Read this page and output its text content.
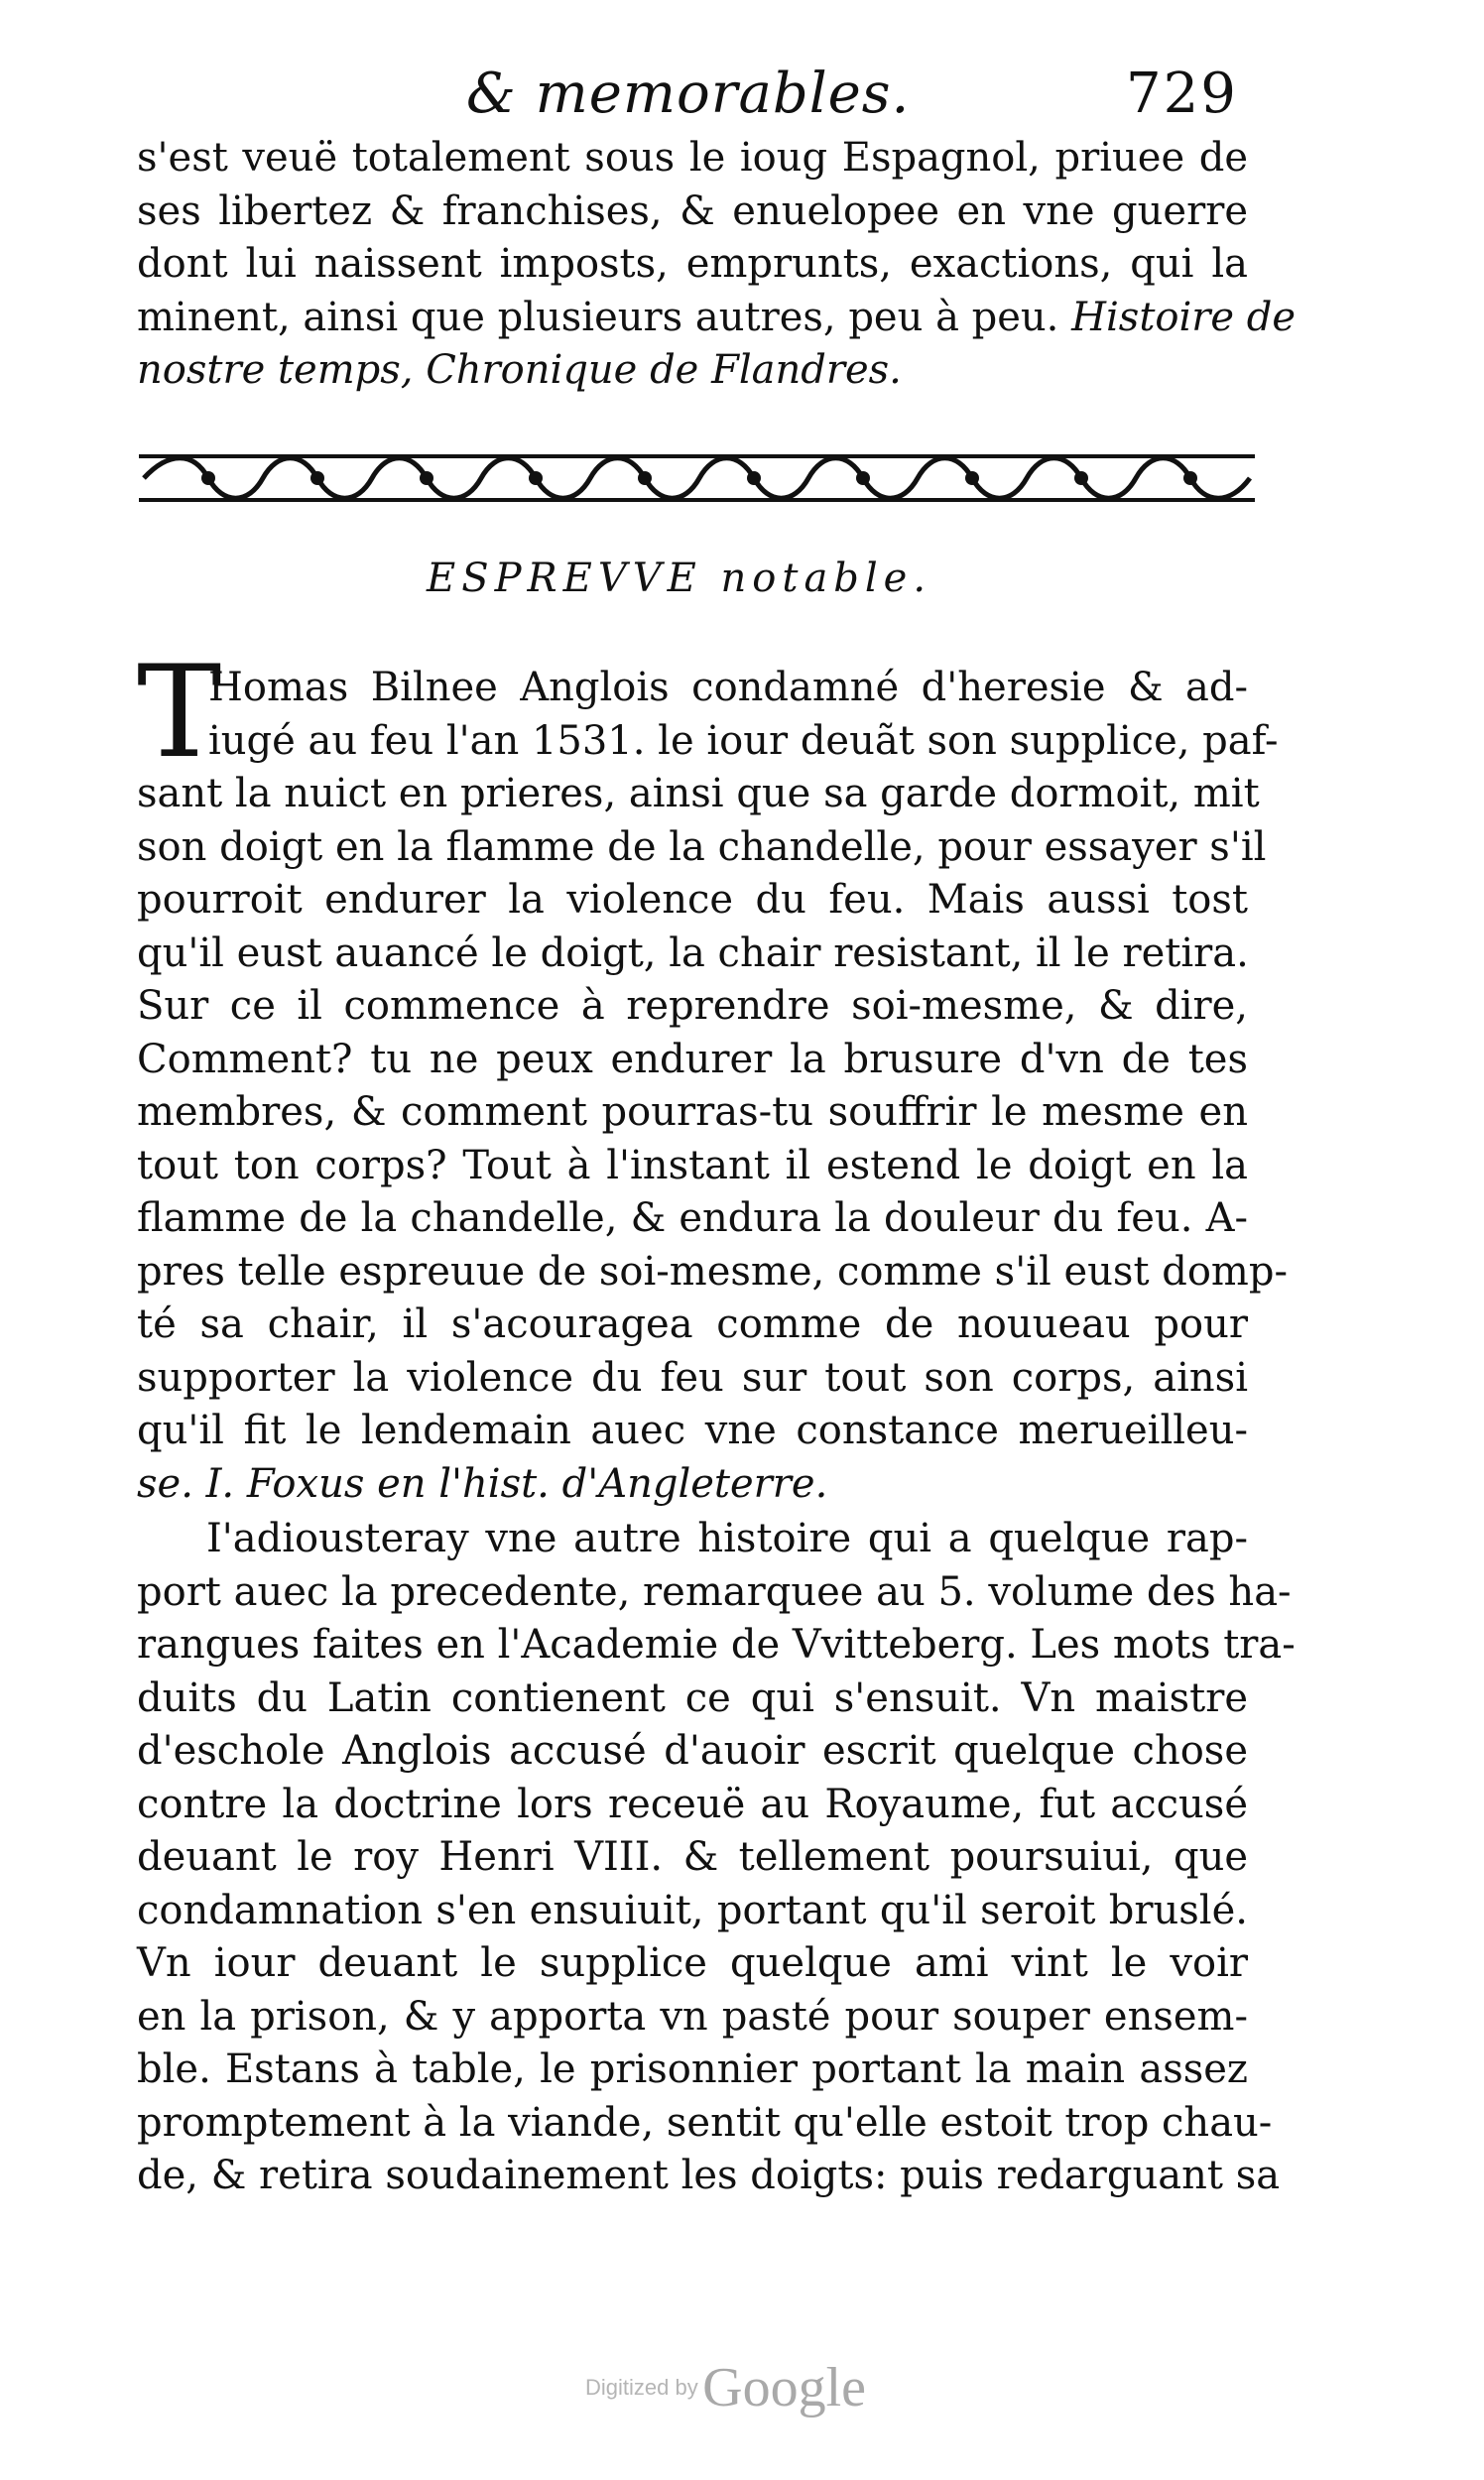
& memorables.	729
s'est veuë totalement sous le ioug Espagnol, priuee de
ses libertez & franchises, & enuelopee en vne guerre
dont lui naissent imposts, emprunts, exactions, qui la
minent, ainsi que plusieurs autres, peu à peu. Histoire de
nostre temps, Chronique de Flandres.
ESPREVVE notable.
T
Homas Bilnee Anglois condamné d'heresie & ad-
iugé au feu l'an 1531. le iour deuãt son supplice, paf-
sant la nuict en prieres, ainsi que sa garde dormoit, mit
son doigt en la flamme de la chandelle, pour essayer s'il
pourroit endurer la violence du feu. Mais aussi tost
qu'il eust auancé le doigt, la chair resistant, il le retira.
Sur ce il commence à reprendre soi-mesme, & dire,
Comment? tu ne peux endurer la brusure d'vn de tes
membres, & comment pourras-tu souffrir le mesme en
tout ton corps? Tout à l'instant il estend le doigt en la
flamme de la chandelle, & endura la douleur du feu. A-
pres telle espreuue de soi-mesme, comme s'il eust domp-
té sa chair, il s'acouragea comme de nouueau pour
supporter la violence du feu sur tout son corps, ainsi
qu'il fit le lendemain auec vne constance merueilleu-
se. I. Foxus en l'hist. d'Angleterre.
I'adiousteray vne autre histoire qui a quelque rap-
port auec la precedente, remarquee au 5. volume des ha-
rangues faites en l'Academie de Vvitteberg. Les mots tra-
duits du Latin contienent ce qui s'ensuit. Vn maistre
d'eschole Anglois accusé d'auoir escrit quelque chose
contre la doctrine lors receuë au Royaume, fut accusé
deuant le roy Henri VIII. & tellement poursuiui, que
condamnation s'en ensuiuit, portant qu'il seroit bruslé.
Vn iour deuant le supplice quelque ami vint le voir
en la prison, & y apporta vn pasté pour souper ensem-
ble. Estans à table, le prisonnier portant la main assez
promptement à la viande, sentit qu'elle estoit trop chau-
de, & retira soudainement les doigts: puis redarguant sa
Digitized by Google
